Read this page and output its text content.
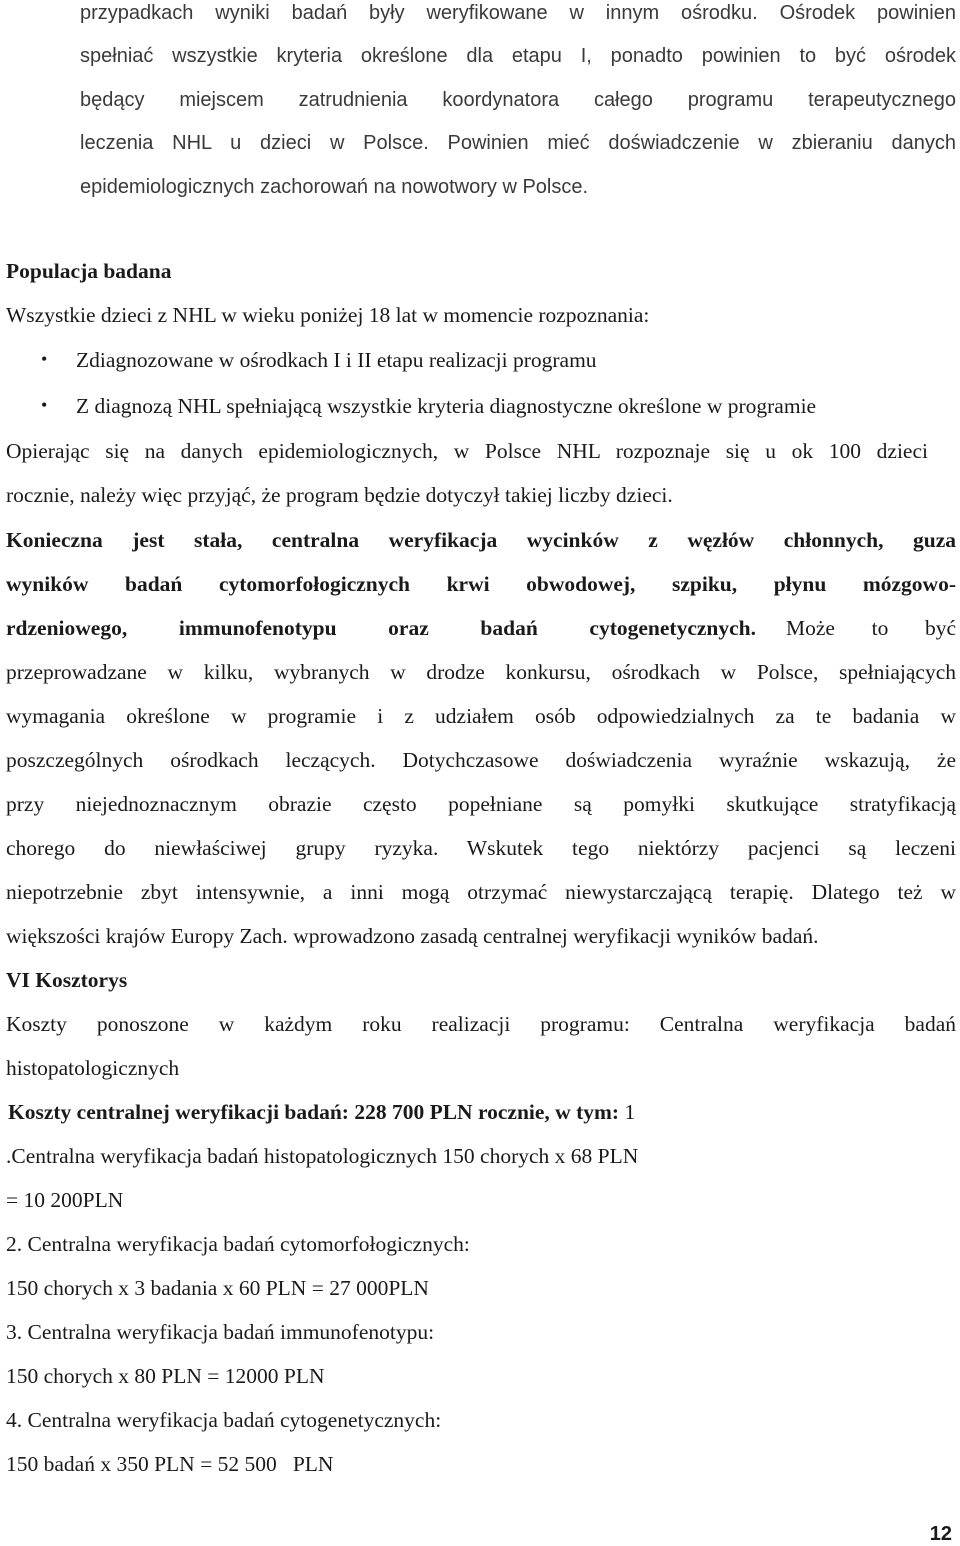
przypadkach wyniki badań były weryfikowane w innym ośrodku. Ośrodek powinien
spełniać wszystkie kryteria określone dla etapu I, ponadto powinien to być ośrodek
będący miejscem zatrudnienia koordynatora całego programu terapeutycznego
leczenia NHL u dzieci w Polsce. Powinien mieć doświadczenie w zbieraniu danych
epidemiologicznych zachorowań na nowotwory w Polsce.
Populacja badana
Wszystkie dzieci z NHL w wieku poniżej 18 lat w momencie rozpoznania:
• Zdiagnozowane w ośrodkach I i II etapu realizacji programu
• Z diagnozą NHL spełniającą wszystkie kryteria diagnostyczne określone w programie
Opierając się na danych epidemiologicznych, w Polsce NHL rozpoznaje się u ok 100 dzieci
rocznie, należy więc przyjąć, że program będzie dotyczył takiej liczby dzieci.
Konieczna jest stała, centralna weryfikacja wycinków z węzłów chłonnych, guza
wyników badań cytomorfołogicznych krwi obwodowej, szpiku, płynu mózgowo-
rdzeniowego, immunofenotypu oraz badań cytogenetycznych. Może to być
przeprowadzane w kilku, wybranych w drodze konkursu, ośrodkach w Polsce, spełniających
wymagania określone w programie i z udziałem osób odpowiedzialnych za te badania w
poszczególnych ośrodkach leczących. Dotychczasowe doświadczenia wyraźnie wskazują, że
przy niejednoznacznym obrazie często popełniane są pomyłki skutkujące stratyfikacją
chorego do niewłaściwej grupy ryzyka. Wskutek tego niektórzy pacjenci są leczeni
niepotrzebnie zbyt intensywnie, a inni mogą otrzymać niewystarczającą terapię. Dlatego też w
większości krajów Europy Zach. wprowadzono zasadą centralnej weryfikacji wyników badań.
VI Kosztorys
Koszty ponoszone w każdym roku realizacji programu: Centralna weryfikacja badań
histopatologicznych
Koszty centralnej weryfikacji badań: 228 700 PLN rocznie, w tym: 1
.Centralna weryfikacja badań histopatologicznych 150 chorych x 68 PLN
= 10 200PLN
2. Centralna weryfikacja badań cytomorfołogicznych:
150 chorych x 3 badania x 60 PLN = 27 000PLN
3. Centralna weryfikacja badań immunofenotypu:
150 chorych x 80 PLN = 12000 PLN
4. Centralna weryfikacja badań cytogenetycznych:
150 badań x 350 PLN = 52 500   PLN
12
